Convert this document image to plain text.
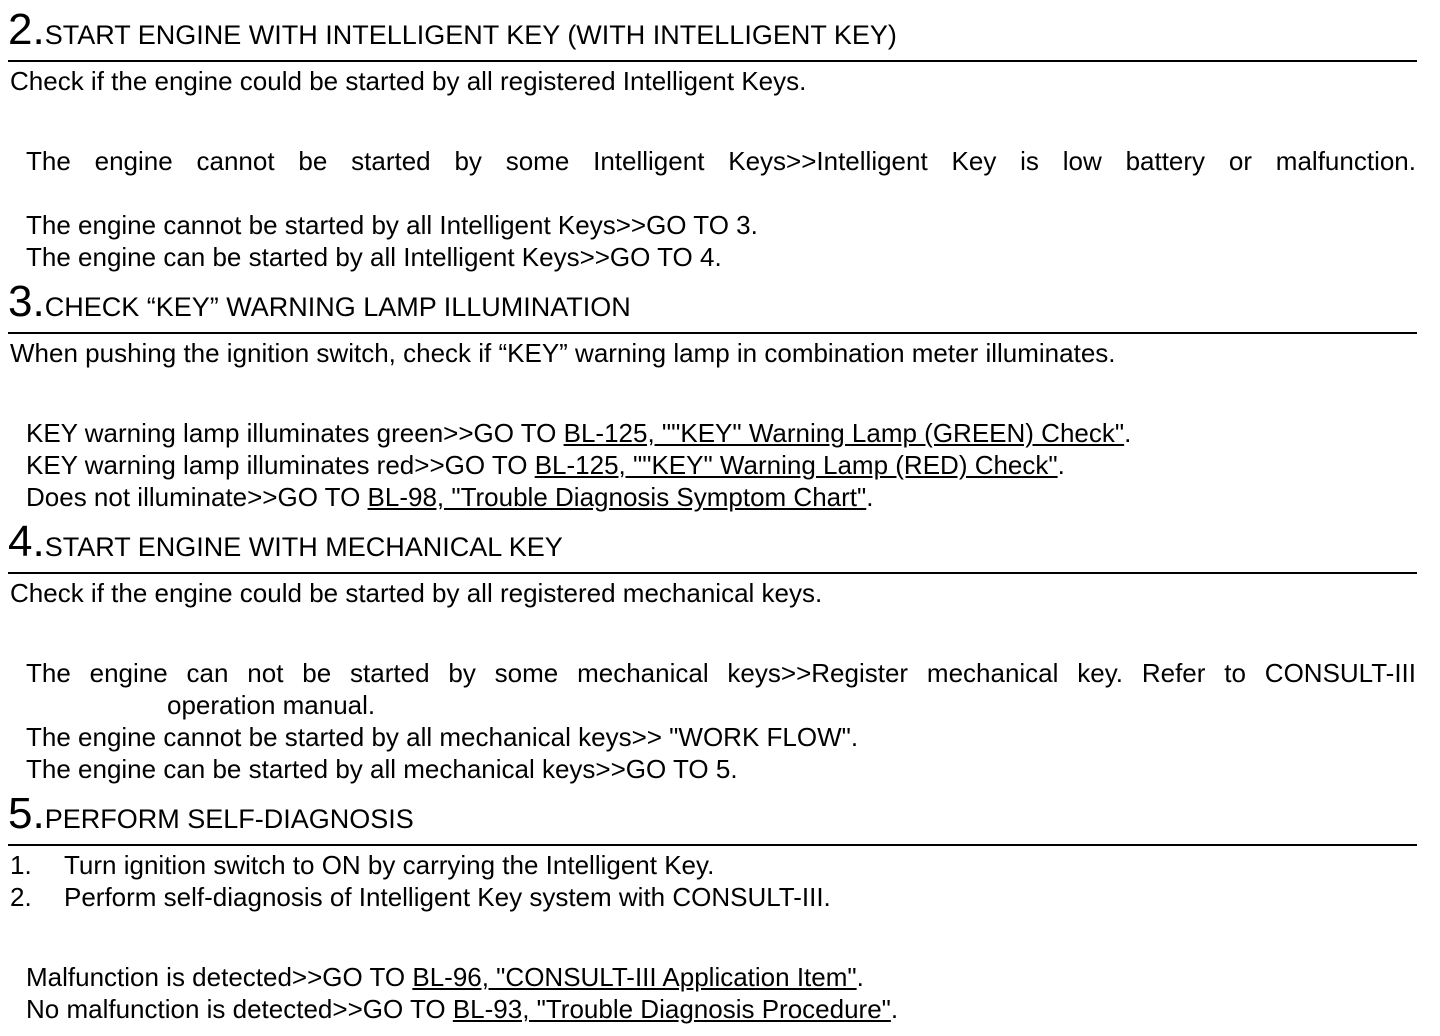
2.START ENGINE WITH INTELLIGENT KEY (WITH INTELLIGENT KEY)
Check if the engine could be started by all registered Intelligent Keys.
The engine cannot be started by some Intelligent Keys>>Intelligent Key is low battery or malfunction.
The engine cannot be started by all Intelligent Keys>>GO TO 3.
The engine can be started by all Intelligent Keys>>GO TO 4.
3.CHECK “KEY” WARNING LAMP ILLUMINATION
When pushing the ignition switch, check if “KEY” warning lamp in combination meter illuminates.
KEY warning lamp illuminates green>>GO TO BL-125, ""KEY" Warning Lamp (GREEN) Check".
KEY warning lamp illuminates red>>GO TO BL-125, ""KEY" Warning Lamp (RED) Check".
Does not illuminate>>GO TO BL-98, "Trouble Diagnosis Symptom Chart".
4.START ENGINE WITH MECHANICAL KEY
Check if the engine could be started by all registered mechanical keys.
The engine can not be started by some mechanical keys>>Register mechanical key. Refer to CONSULT-III
operation manual.
The engine cannot be started by all mechanical keys>> "WORK FLOW".
The engine can be started by all mechanical keys>>GO TO 5.
5.PERFORM SELF-DIAGNOSIS
1. Turn ignition switch to ON by carrying the Intelligent Key.
2. Perform self-diagnosis of Intelligent Key system with CONSULT-III.
Malfunction is detected>>GO TO BL-96, "CONSULT-III Application Item".
No malfunction is detected>>GO TO BL-93, "Trouble Diagnosis Procedure".
